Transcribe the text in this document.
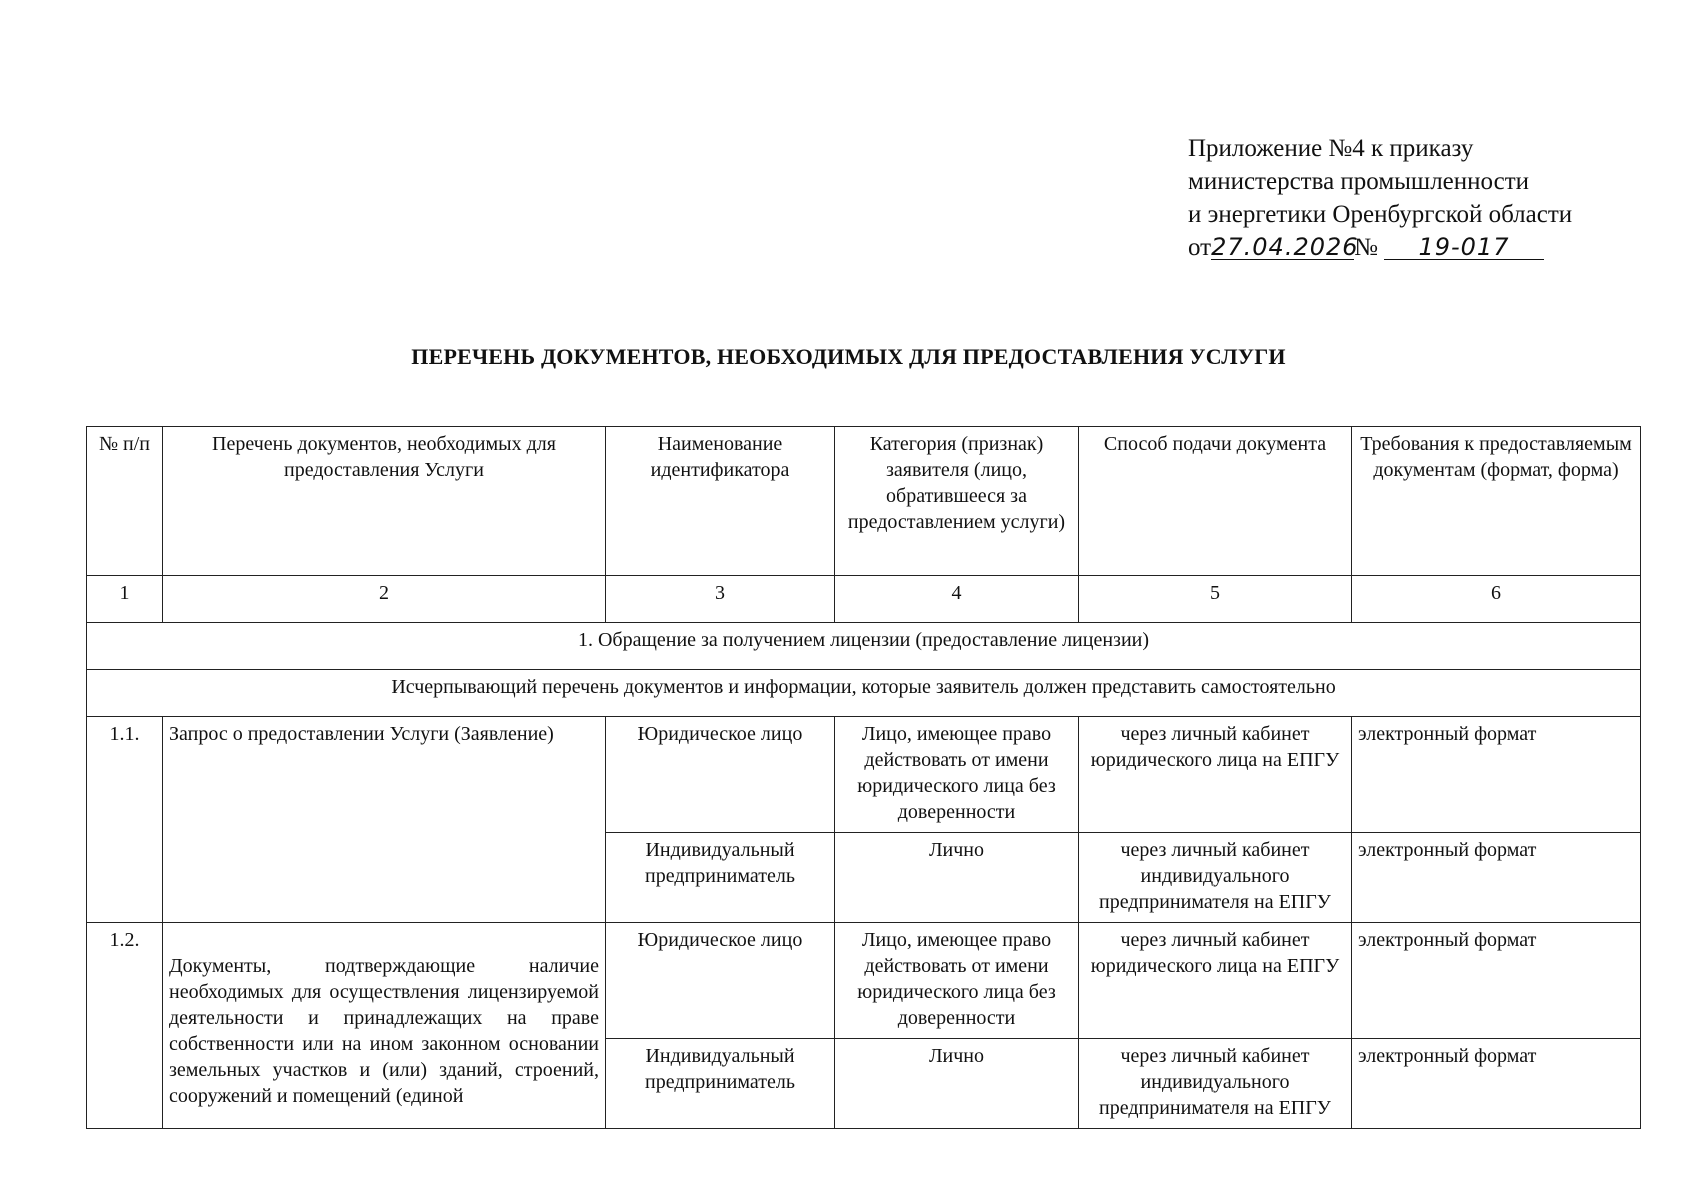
Приложение №4 к приказу
министерства промышленности
и энергетики Оренбургской области
от27.04.2026№ 19-017
ПЕРЕЧЕНЬ ДОКУМЕНТОВ, НЕОБХОДИМЫХ ДЛЯ ПРЕДОСТАВЛЕНИЯ УСЛУГИ
№ п/п	Перечень документов, необходимых для предоставления Услуги	Наименование идентификатора	Категория (признак) заявителя (лицо, обратившееся за предоставлением услуги)	Способ подачи документа	Требования к предоставляемым документам (формат, форма)
1	2	3	4	5	6
1. Обращение за получением лицензии (предоставление лицензии)					
Исчерпывающий перечень документов и информации, которые заявитель должен представить самостоятельно					
1.1.	Запрос о предоставлении Услуги (Заявление)	Юридическое лицо	Лицо, имеющее право действовать от имени юридического лица без доверенности	через личный кабинет юридического лица на ЕПГУ	электронный формат
		Индивидуальный предприниматель	Лично	через личный кабинет индивидуального предпринимателя на ЕПГУ	электронный формат
1.2.	Документы, подтверждающие наличие необходимых для осуществления лицензируемой деятельности и принадлежащих на праве собственности или на ином законном основании земельных участков и (или) зданий, строений, сооружений и помещений (единой	Юридическое лицо	Лицо, имеющее право действовать от имени юридического лица без доверенности	через личный кабинет юридического лица на ЕПГУ	электронный формат
		Индивидуальный предприниматель	Лично	через личный кабинет индивидуального предпринимателя на ЕПГУ	электронный формат
